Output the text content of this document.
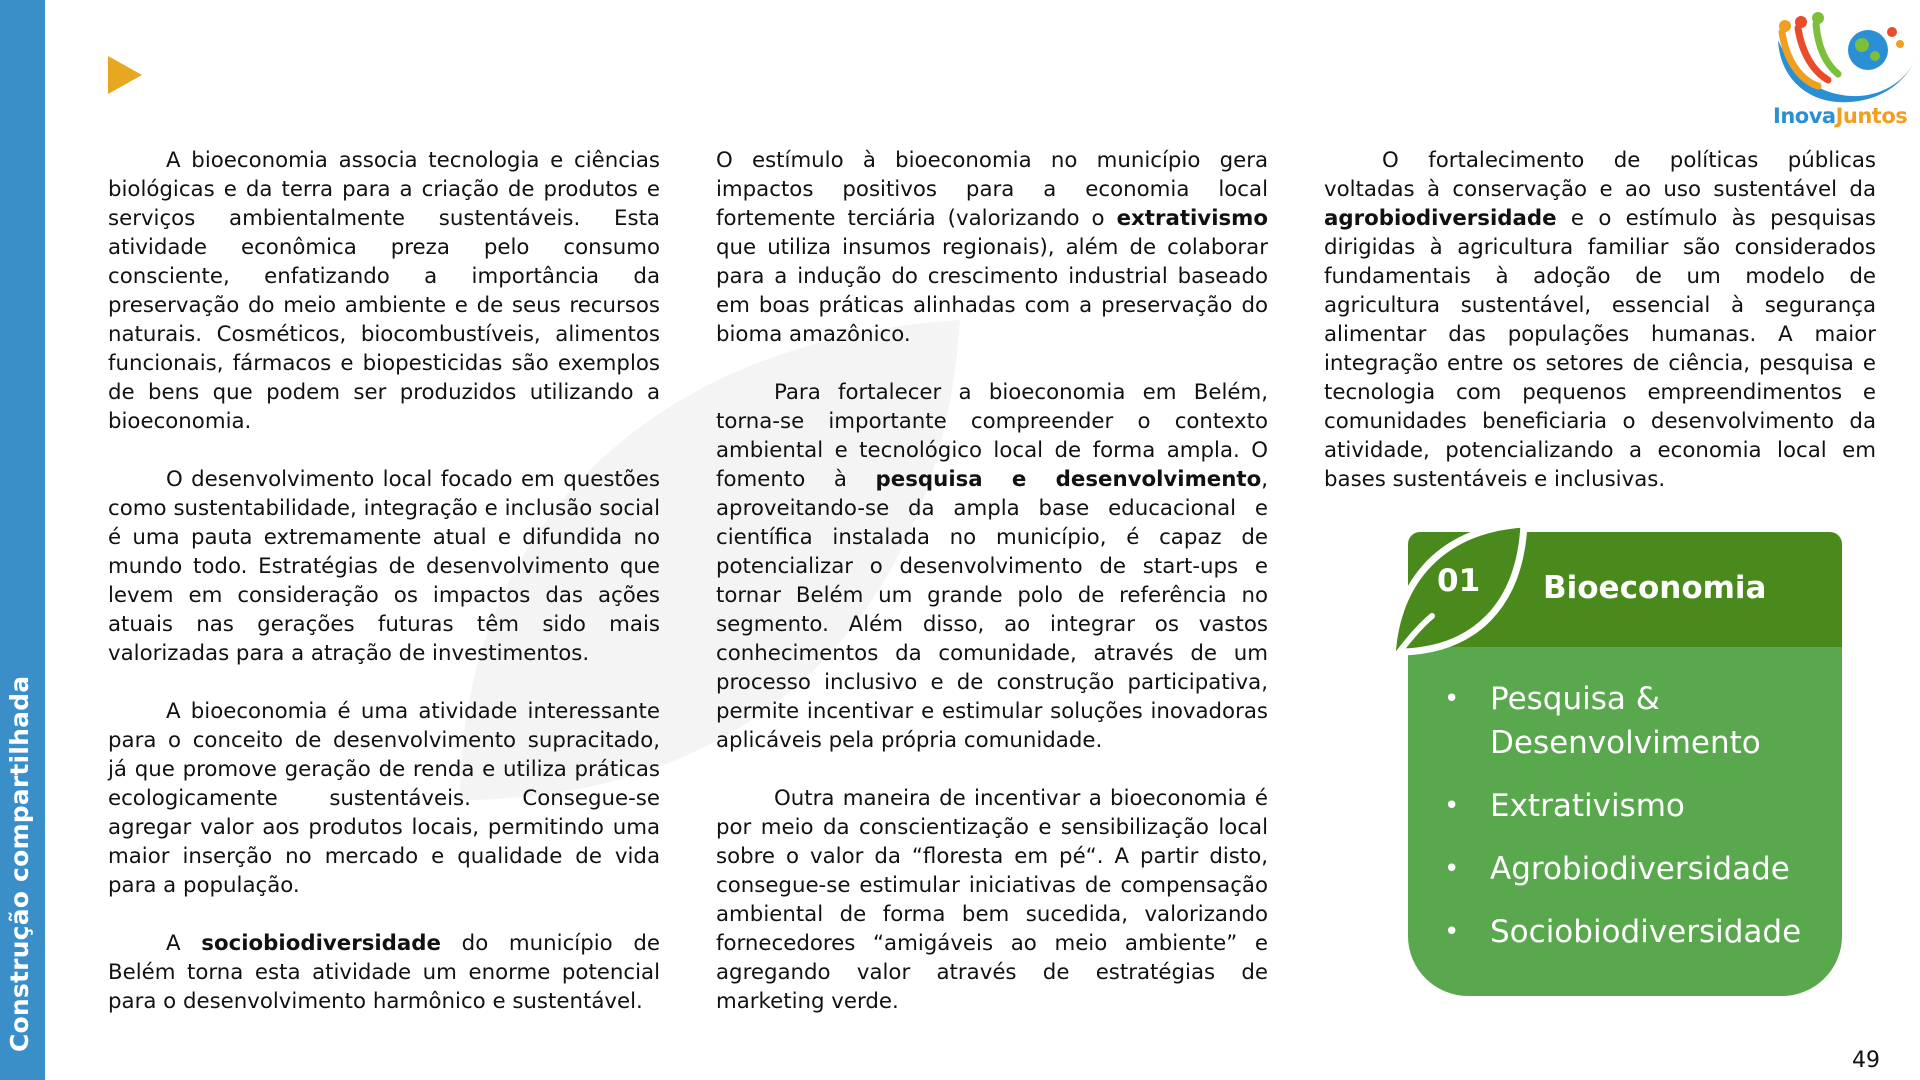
Construção compartilhada
InovaJuntos

A bioeconomia associa tecnologia e ciências biológicas e da terra para a criação de produtos e serviços ambientalmente sustentáveis. Esta atividade econômica preza pelo consumo consciente, enfatizando a importância da preservação do meio ambiente e de seus recursos naturais. Cosméticos, biocombustíveis, alimentos funcionais, fármacos e biopesticidas são exemplos de bens que podem ser produzidos utilizando a bioeconomia.

O desenvolvimento local focado em questões como sustentabilidade, integração e inclusão social é uma pauta extremamente atual e difundida no mundo todo. Estratégias de desenvolvimento que levem em consideração os impactos das ações atuais nas gerações futuras têm sido mais valorizadas para a atração de investimentos.

A bioeconomia é uma atividade interessante para o conceito de desenvolvimento supracitado, já que promove geração de renda e utiliza práticas ecologicamente sustentáveis. Consegue-se agregar valor aos produtos locais, permitindo uma maior inserção no mercado e qualidade de vida para a população.

A sociobiodiversidade do município de Belém torna esta atividade um enorme potencial para o desenvolvimento harmônico e sustentável.

O estímulo à bioeconomia no município gera impactos positivos para a economia local fortemente terciária (valorizando o extrativismo que utiliza insumos regionais), além de colaborar para a indução do crescimento industrial baseado em boas práticas alinhadas com a preservação do bioma amazônico.

Para fortalecer a bioeconomia em Belém, torna-se importante compreender o contexto ambiental e tecnológico local de forma ampla. O fomento à pesquisa e desenvolvimento, aproveitando-se da ampla base educacional e científica instalada no município, é capaz de potencializar o desenvolvimento de start-ups e tornar Belém um grande polo de referência no segmento. Além disso, ao integrar os vastos conhecimentos da comunidade, através de um processo inclusivo e de construção participativa, permite incentivar e estimular soluções inovadoras aplicáveis pela própria comunidade.

Outra maneira de incentivar a bioeconomia é por meio da conscientização e sensibilização local sobre o valor da “floresta em pé“. A partir disto, consegue-se estimular iniciativas de compensação ambiental de forma bem sucedida, valorizando fornecedores “amigáveis ao meio ambiente” e agregando valor através de estratégias de marketing verde.

O fortalecimento de políticas públicas voltadas à conservação e ao uso sustentável da agrobiodiversidade e o estímulo às pesquisas dirigidas à agricultura familiar são considerados fundamentais à adoção de um modelo de agricultura sustentável, essencial à segurança alimentar das populações humanas. A maior integração entre os setores de ciência, pesquisa e tecnologia com pequenos empreendimentos e comunidades beneficiaria o desenvolvimento da atividade, potencializando a economia local em bases sustentáveis e inclusivas.

01 Bioeconomia
• Pesquisa & Desenvolvimento
• Extrativismo
• Agrobiodiversidade
• Sociobiodiversidade
49
